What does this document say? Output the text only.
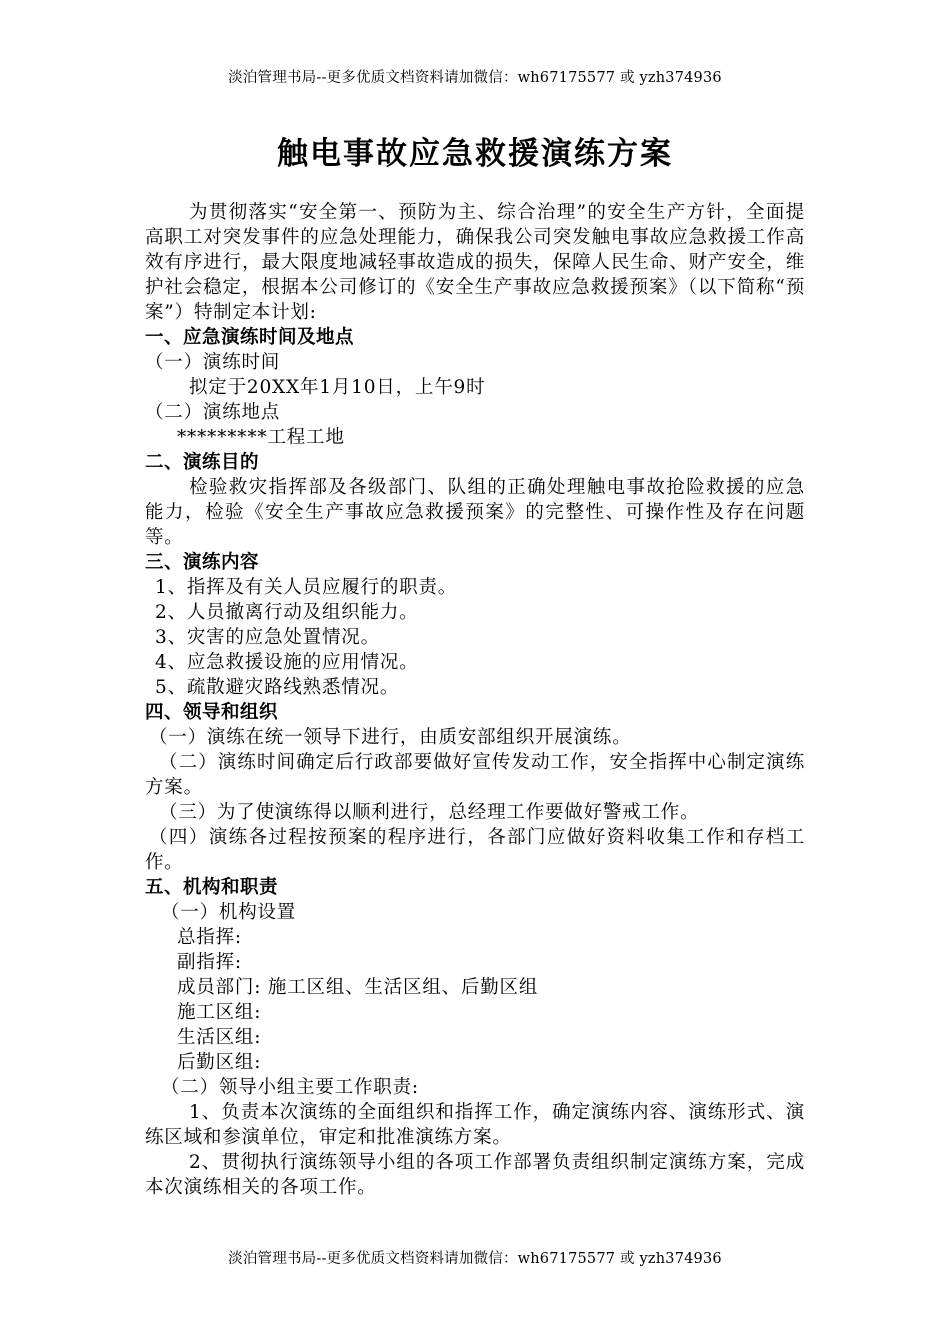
淡泊管理书局--更多优质文档资料请加微信：wh67175577 或 yzh374936
触电事故应急救援演练方案

为贯彻落实“安全第一、预防为主、综合治理”的安全生产方针，全面提高职工对突发事件的应急处理能力，确保我公司突发触电事故应急救援工作高效有序进行，最大限度地减轻事故造成的损失，保障人民生命、财产安全，维护社会稳定，根据本公司修订的《安全生产事故应急救援预案》（以下简称“预案”）特制定本计划:

一、应急演练时间及地点

（一）演练时间

拟定于20XX年1月10日，上午9时

（二）演练地点

*********工程工地

二、演练目的

检验救灾指挥部及各级部门、队组的正确处理触电事故抢险救援的应急能力，检验《安全生产事故应急救援预案》的完整性、可操作性及存在问题等。

三、演练内容

1、指挥及有关人员应履行的职责。

2、人员撤离行动及组织能力。

3、灾害的应急处置情况。

4、应急救援设施的应用情况。

5、疏散避灾路线熟悉情况。

四、领导和组织

（一）演练在统一领导下进行，由质安部组织开展演练。

（二）演练时间确定后行政部要做好宣传发动工作，安全指挥中心制定演练方案。

（三）为了使演练得以顺利进行，总经理工作要做好警戒工作。

（四）演练各过程按预案的程序进行，各部门应做好资料收集工作和存档工作。

五、机构和职责

（一）机构设置

总指挥:

副指挥:

成员部门: 施工区组、生活区组、后勤区组

施工区组:

生活区组:

后勤区组:

（二）领导小组主要工作职责:

1、负责本次演练的全面组织和指挥工作，确定演练内容、演练形式、演练区域和参演单位，审定和批准演练方案。

2、贯彻执行演练领导小组的各项工作部署负责组织制定演练方案，完成本次演练相关的各项工作。

淡泊管理书局--更多优质文档资料请加微信：wh67175577 或 yzh374936
